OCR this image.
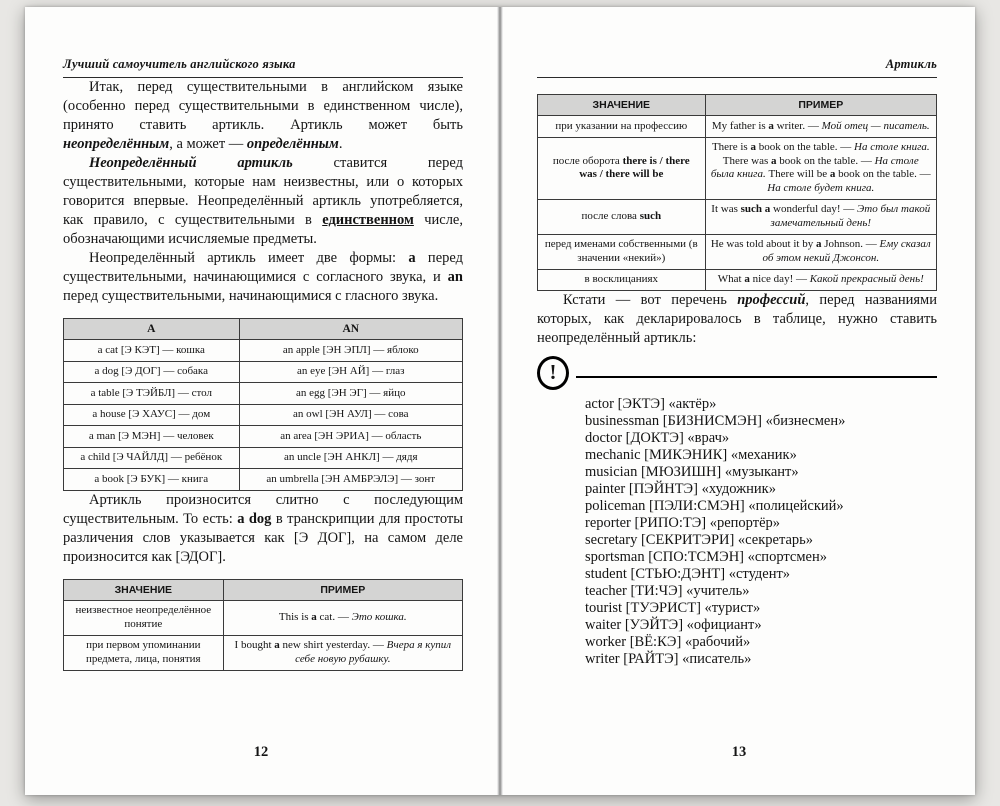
Лучший самоучитель английского языка

Итак, перед существительными в английском языке (особенно перед существительными в единственном числе), принято ставить артикль. Артикль может быть неопределённым, а может — определённым.

Неопределённый артикль ставится перед существительными, которые нам неизвестны, или о которых говорится впервые. Неопределённый артикль употребляется, как правило, с существительными в единственном числе, обозначающими исчисляемые предметы.

Неопределённый артикль имеет две формы: a перед существительными, начинающимися с согласного звука, и an перед существительными, начинающимися с гласного звука.

A	AN
a cat [Э КЭТ] — кошка	an apple [ЭН ЭПЛ] — яблоко
a dog [Э ДОГ] — собака	an eye [ЭН АЙ] — глаз
a table [Э ТЭЙБЛ] — стол	an egg [ЭН ЭГ] — яйцо
a house [Э ХАУС] — дом	an owl [ЭН АУЛ] — сова
a man [Э МЭН] — человек	an area [ЭН ЭРИА] — область
a child [Э ЧАЙЛД] — ребёнок	an uncle [ЭН АНКЛ] — дядя
a book [Э БУК] — книга	an umbrella [ЭН АМБРЭЛЭ] — зонт

Артикль произносится слитно с последующим существительным. То есть: a dog в транскрипции для простоты различения слов указывается как [Э ДОГ], на самом деле произносится как [ЭДОГ].

ЗНАЧЕНИЕ	ПРИМЕР
неизвестное неопределённое понятие	This is a cat. — Это кошка.
при первом упоминании предмета, лица, понятия	I bought a new shirt yesterday. — Вчера я купил себе новую рубашку.
12
Артикль
ЗНАЧЕНИЕ	ПРИМЕР
при указании на профессию	My father is a writer. — Мой отец — писатель.
после оборота there is / there was / there will be	There is a book on the table. — На столе книга. There was a book on the table. — На столе была книга. There will be a book on the table. — На столе будет книга.
после слова such	It was such a wonderful day! — Это был такой замечательный день!
перед именами собственными (в значении «некий»)	He was told about it by a Johnson. — Ему сказал об этом некий Джонсон.
в восклицаниях	What a nice day! — Какой прекрасный день!

Кстати — вот перечень профессий, перед названиями которых, как декларировалось в таблице, нужно ставить неопределённый артикль:

!
actor [ЭКТЭ] «актёр»
businessman [БИЗНИСМЭН] «бизнесмен»
doctor [ДОКТЭ] «врач»
mechanic [МИКЭНИК] «механик»
musician [МЮЗИШН] «музыкант»
painter [ПЭЙНТЭ] «художник»
policeman [ПЭЛИ:СМЭН] «полицейский»
reporter [РИПО:ТЭ] «репортёр»
secretary [СЕКРИТЭРИ] «секретарь»
sportsman [СПО:ТСМЭН] «спортсмен»
student [СТЬЮ:ДЭНТ] «студент»
teacher [ТИ:ЧЭ] «учитель»
tourist [ТУЭРИСТ] «турист»
waiter [УЭЙТЭ] «официант»
worker [ВЁ:КЭ] «рабочий»
writer [РАЙТЭ] «писатель»
13
